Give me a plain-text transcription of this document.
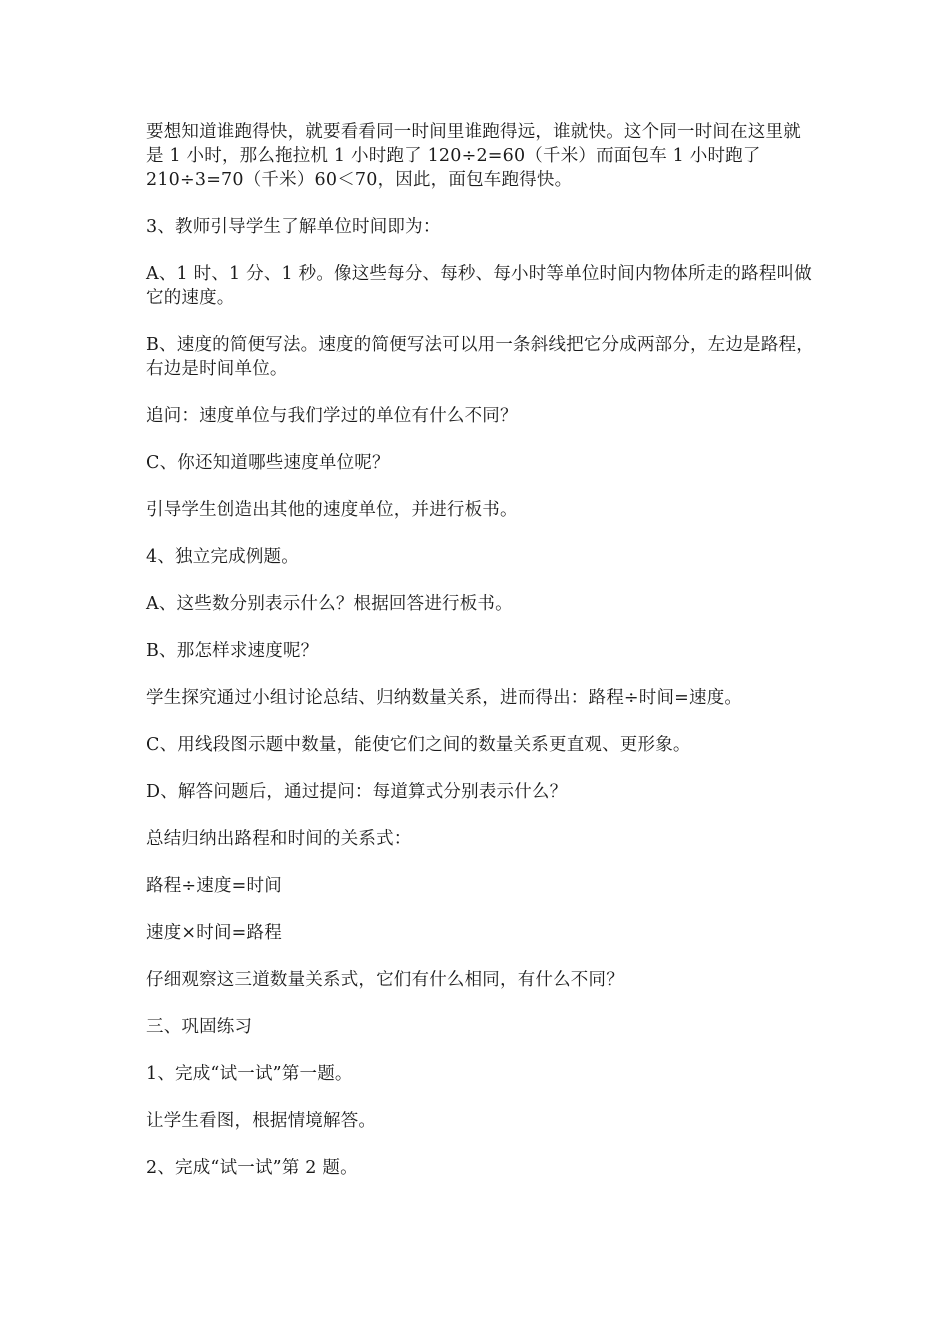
要想知道谁跑得快，就要看看同一时间里谁跑得远，谁就快。这个同一时间在这里就是 1 小时，那么拖拉机 1 小时跑了 120÷2=60（千米）而面包车 1 小时跑了 210÷3=70（千米）60＜70，因此，面包车跑得快。

3、教师引导学生了解单位时间即为：

A、1 时、1 分、1 秒。像这些每分、每秒、每小时等单位时间内物体所走的路程叫做它的速度。

B、速度的简便写法。速度的简便写法可以用一条斜线把它分成两部分，左边是路程，右边是时间单位。

追问：速度单位与我们学过的单位有什么不同？

C、你还知道哪些速度单位呢？

引导学生创造出其他的速度单位，并进行板书。

4、独立完成例题。

A、这些数分别表示什么？根据回答进行板书。

B、那怎样求速度呢？

学生探究通过小组讨论总结、归纳数量关系，进而得出：路程÷时间=速度。

C、用线段图示题中数量，能使它们之间的数量关系更直观、更形象。

D、解答问题后，通过提问：每道算式分别表示什么？

总结归纳出路程和时间的关系式：

路程÷速度=时间

速度×时间=路程

仔细观察这三道数量关系式，它们有什么相同，有什么不同？

三、巩固练习

1、完成“试一试”第一题。

让学生看图，根据情境解答。

2、完成“试一试”第 2 题。
